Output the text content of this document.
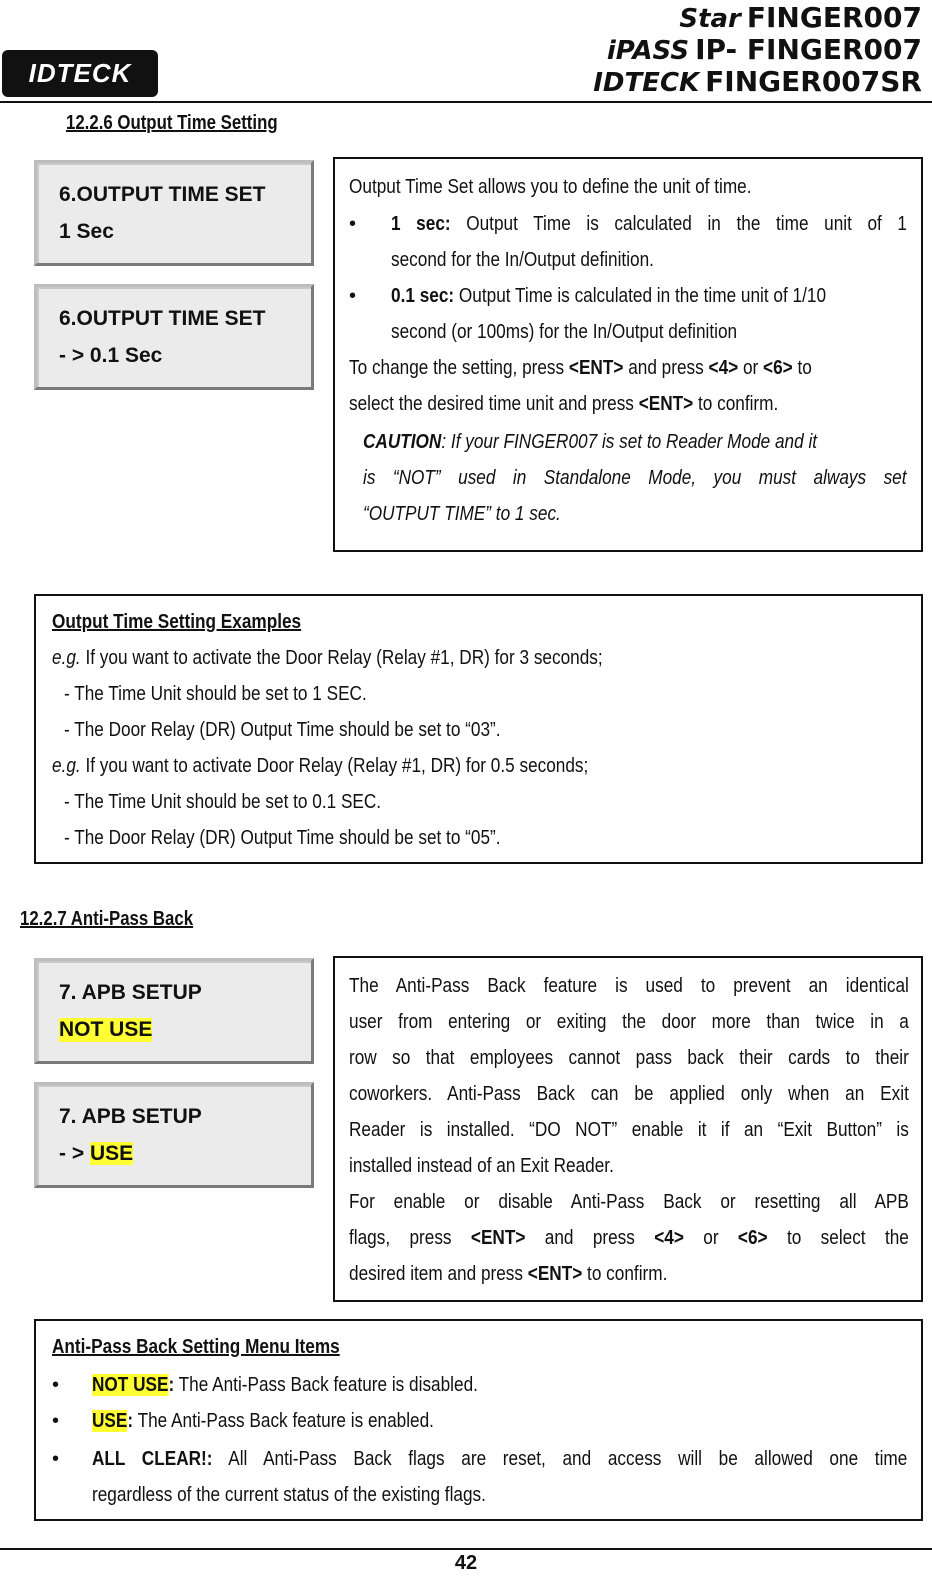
IDTECK
Star FINGER007
iPASS IP- FINGER007
IDTECK FINGER007SR
12.2.6 Output Time Setting
6.OUTPUT TIME SET
1 Sec
6.OUTPUT TIME SET
- > 0.1 Sec
Output Time Set allows you to define the unit of time.
• 1 sec: Output Time is calculated in the time unit of 1
second for the In/Output definition.
• 0.1 sec: Output Time is calculated in the time unit of 1/10
second (or 100ms) for the In/Output definition
To change the setting, press <ENT> and press <4> or <6> to
select the desired time unit and press <ENT> to confirm.
CAUTION: If your FINGER007 is set to Reader Mode and it
is “NOT” used in Standalone Mode, you must always set
“OUTPUT TIME” to 1 sec.
Output Time Setting Examples
e.g. If you want to activate the Door Relay (Relay #1, DR) for 3 seconds;
- The Time Unit should be set to 1 SEC.
- The Door Relay (DR) Output Time should be set to “03”.
e.g. If you want to activate Door Relay (Relay #1, DR) for 0.5 seconds;
- The Time Unit should be set to 0.1 SEC.
- The Door Relay (DR) Output Time should be set to “05”.
12.2.7 Anti-Pass Back
7. APB SETUP
NOT USE
7. APB SETUP
- > USE
The Anti-Pass Back feature is used to prevent an identical
user from entering or exiting the door more than twice in a
row so that employees cannot pass back their cards to their
coworkers. Anti-Pass Back can be applied only when an Exit
Reader is installed. “DO NOT” enable it if an “Exit Button” is
installed instead of an Exit Reader.
For enable or disable Anti-Pass Back or resetting all APB
flags, press <ENT> and press <4> or <6> to select the
desired item and press <ENT> to confirm.
Anti-Pass Back Setting Menu Items
• NOT USE: The Anti-Pass Back feature is disabled.
• USE: The Anti-Pass Back feature is enabled.
• ALL CLEAR!: All Anti-Pass Back flags are reset, and access will be allowed one time
regardless of the current status of the existing flags.
42
